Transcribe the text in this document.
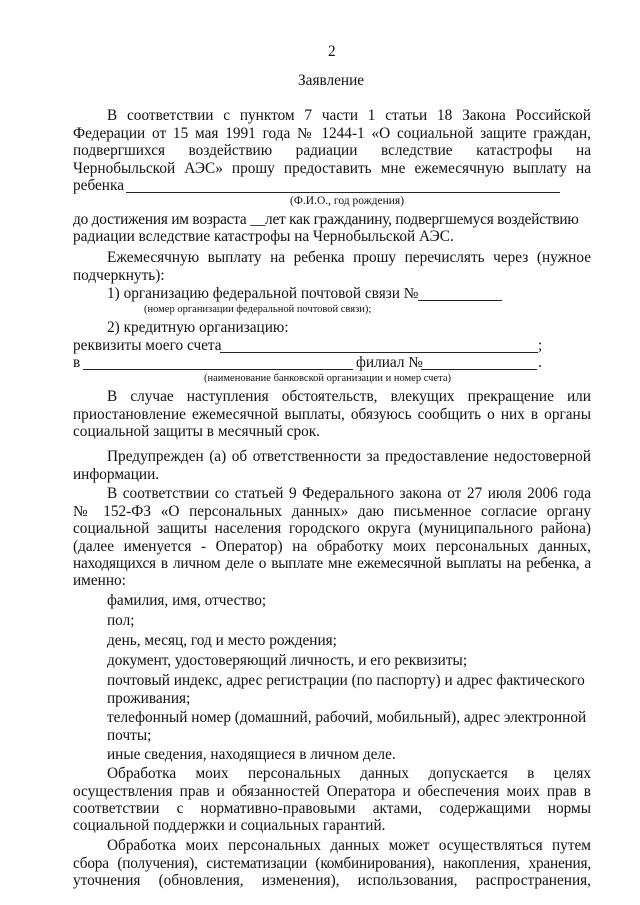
2
Заявление
В соответствии с пунктом 7 части 1 статьи 18 Закона Российской
Федерации от 15 мая 1991 года № 1244-1 «О социальной защите граждан,
подвергшихся воздействию радиации вследствие катастрофы на
Чернобыльской АЭС» прошу предоставить мне ежемесячную выплату на
ребенка
(Ф.И.О., год рождения)
до достижения им возраста __лет как гражданину, подвергшемуся воздействию
радиации вследствие катастрофы на Чернобыльской АЭС.
Ежемесячную выплату на ребенка прошу перечислять через (нужное
подчеркнуть):
1) организацию федеральной почтовой связи №
(номер организации федеральной почтовой связи);
2) кредитную организацию:
реквизиты моего счета	;
в	филиал №	.
(наименование банковской организации и номер счета)
В случае наступления обстоятельств, влекущих прекращение или
приостановление ежемесячной выплаты, обязуюсь сообщить о них в органы
социальной защиты в месячный срок.
Предупрежден (а) об ответственности за предоставление недостоверной
информации.
В соответствии со статьей 9 Федерального закона от 27 июля 2006 года
№ 152-ФЗ «О персональных данных» даю письменное согласие органу
социальной защиты населения городского округа (муниципального района)
(далее именуется - Оператор) на обработку моих персональных данных,
находящихся в личном деле о выплате мне ежемесячной выплаты на ребенка, а
именно:
фамилия, имя, отчество;
пол;
день, месяц, год и место рождения;
документ, удостоверяющий личность, и его реквизиты;
почтовый индекс, адрес регистрации (по паспорту) и адрес фактического
проживания;
телефонный номер (домашний, рабочий, мобильный), адрес электронной
почты;
иные сведения, находящиеся в личном деле.
Обработка моих персональных данных допускается в целях
осуществления прав и обязанностей Оператора и обеспечения моих прав в
соответствии с нормативно-правовыми актами, содержащими нормы
социальной поддержки и социальных гарантий.
Обработка моих персональных данных может осуществляться путем
сбора (получения), систематизации (комбинирования), накопления, хранения,
уточнения (обновления, изменения), использования, распространения,
